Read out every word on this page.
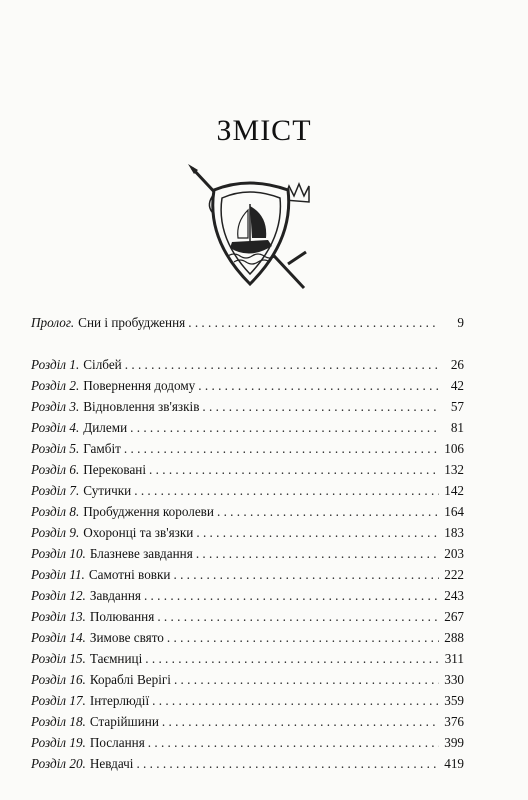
ЗМІСТ
Пролог. Сни і пробудження . . .	9
Розділ 1. Сілбей . . .	26
Розділ 2. Повернення додому . . .	42
Розділ 3. Відновлення зв'язків . . .	57
Розділ 4. Дилеми . . .	81
Розділ 5. Гамбіт . . .	106
Розділ 6. Перековані . . .	132
Розділ 7. Сутички . . .	142
Розділ 8. Пробудження королеви . . .	164
Розділ 9. Охоронці та зв'язки . . .	183
Розділ 10. Блазневе завдання . . .	203
Розділ 11. Самотні вовки . . .	222
Розділ 12. Завдання . . .	243
Розділ 13. Полювання . . .	267
Розділ 14. Зимове свято . . .	288
Розділ 15. Таємниці . . .	311
Розділ 16. Кораблі Верігі . . .	330
Розділ 17. Інтерлюдії . . .	359
Розділ 18. Старійшини . . .	376
Розділ 19. Послання . . .	399
Розділ 20. Невдачі . . .	419
